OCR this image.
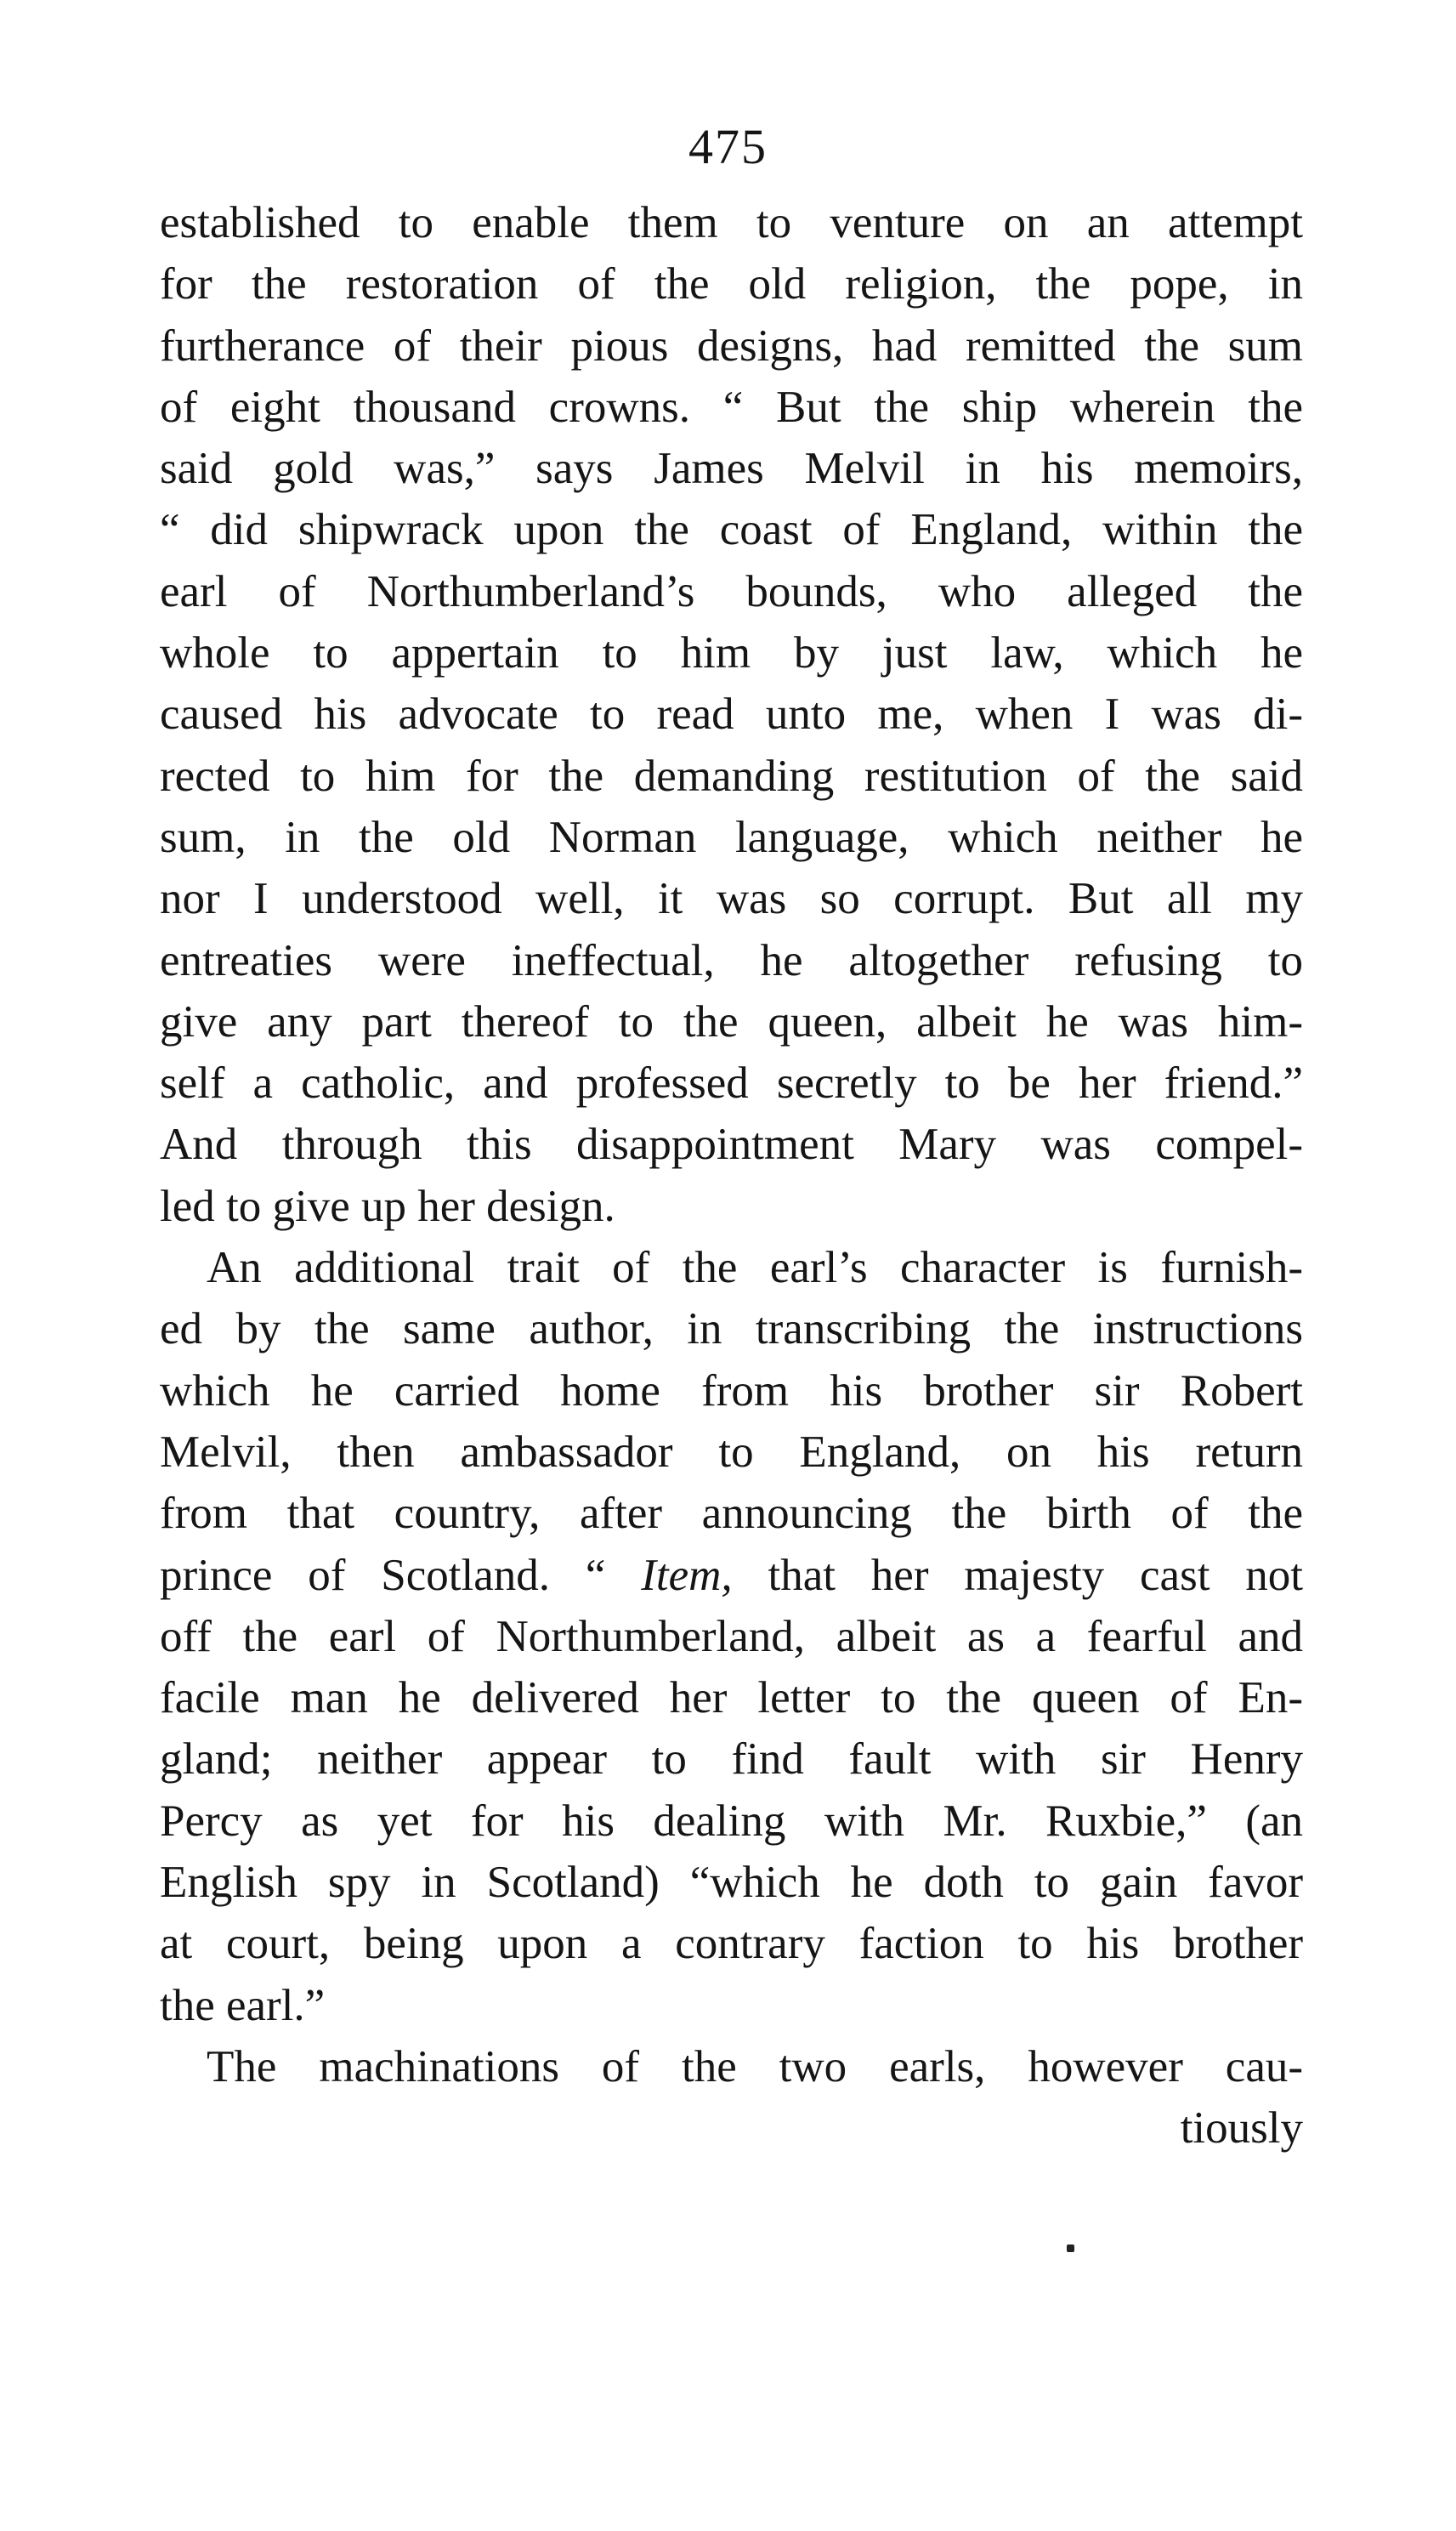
475
established to enable them to venture on an attempt
for the restoration of the old religion, the pope, in
furtherance of their pious designs, had remitted the sum
of eight thousand crowns. “ But the ship wherein the
said gold was,” says James Melvil in his memoirs,
“ did shipwrack upon the coast of England, within the
earl of Northumberland’s bounds, who alleged the
whole to appertain to him by just law, which he
caused his advocate to read unto me, when I was di-
rected to him for the demanding restitution of the said
sum, in the old Norman language, which neither he
nor I understood well, it was so corrupt. But all my
entreaties were ineffectual, he altogether refusing to
give any part thereof to the queen, albeit he was him-
self a catholic, and professed secretly to be her friend.”
And through this disappointment Mary was compel-
led to give up her design.
An additional trait of the earl’s character is furnish-
ed by the same author, in transcribing the instructions
which he carried home from his brother sir Robert
Melvil, then ambassador to England, on his return
from that country, after announcing the birth of the
prince of Scotland. “ Item, that her majesty cast not
off the earl of Northumberland, albeit as a fearful and
facile man he delivered her letter to the queen of En-
gland; neither appear to find fault with sir Henry
Percy as yet for his dealing with Mr. Ruxbie,” (an
English spy in Scotland) “which he doth to gain favor
at court, being upon a contrary faction to his brother
the earl.”
The machinations of the two earls, however cau-
tiously
